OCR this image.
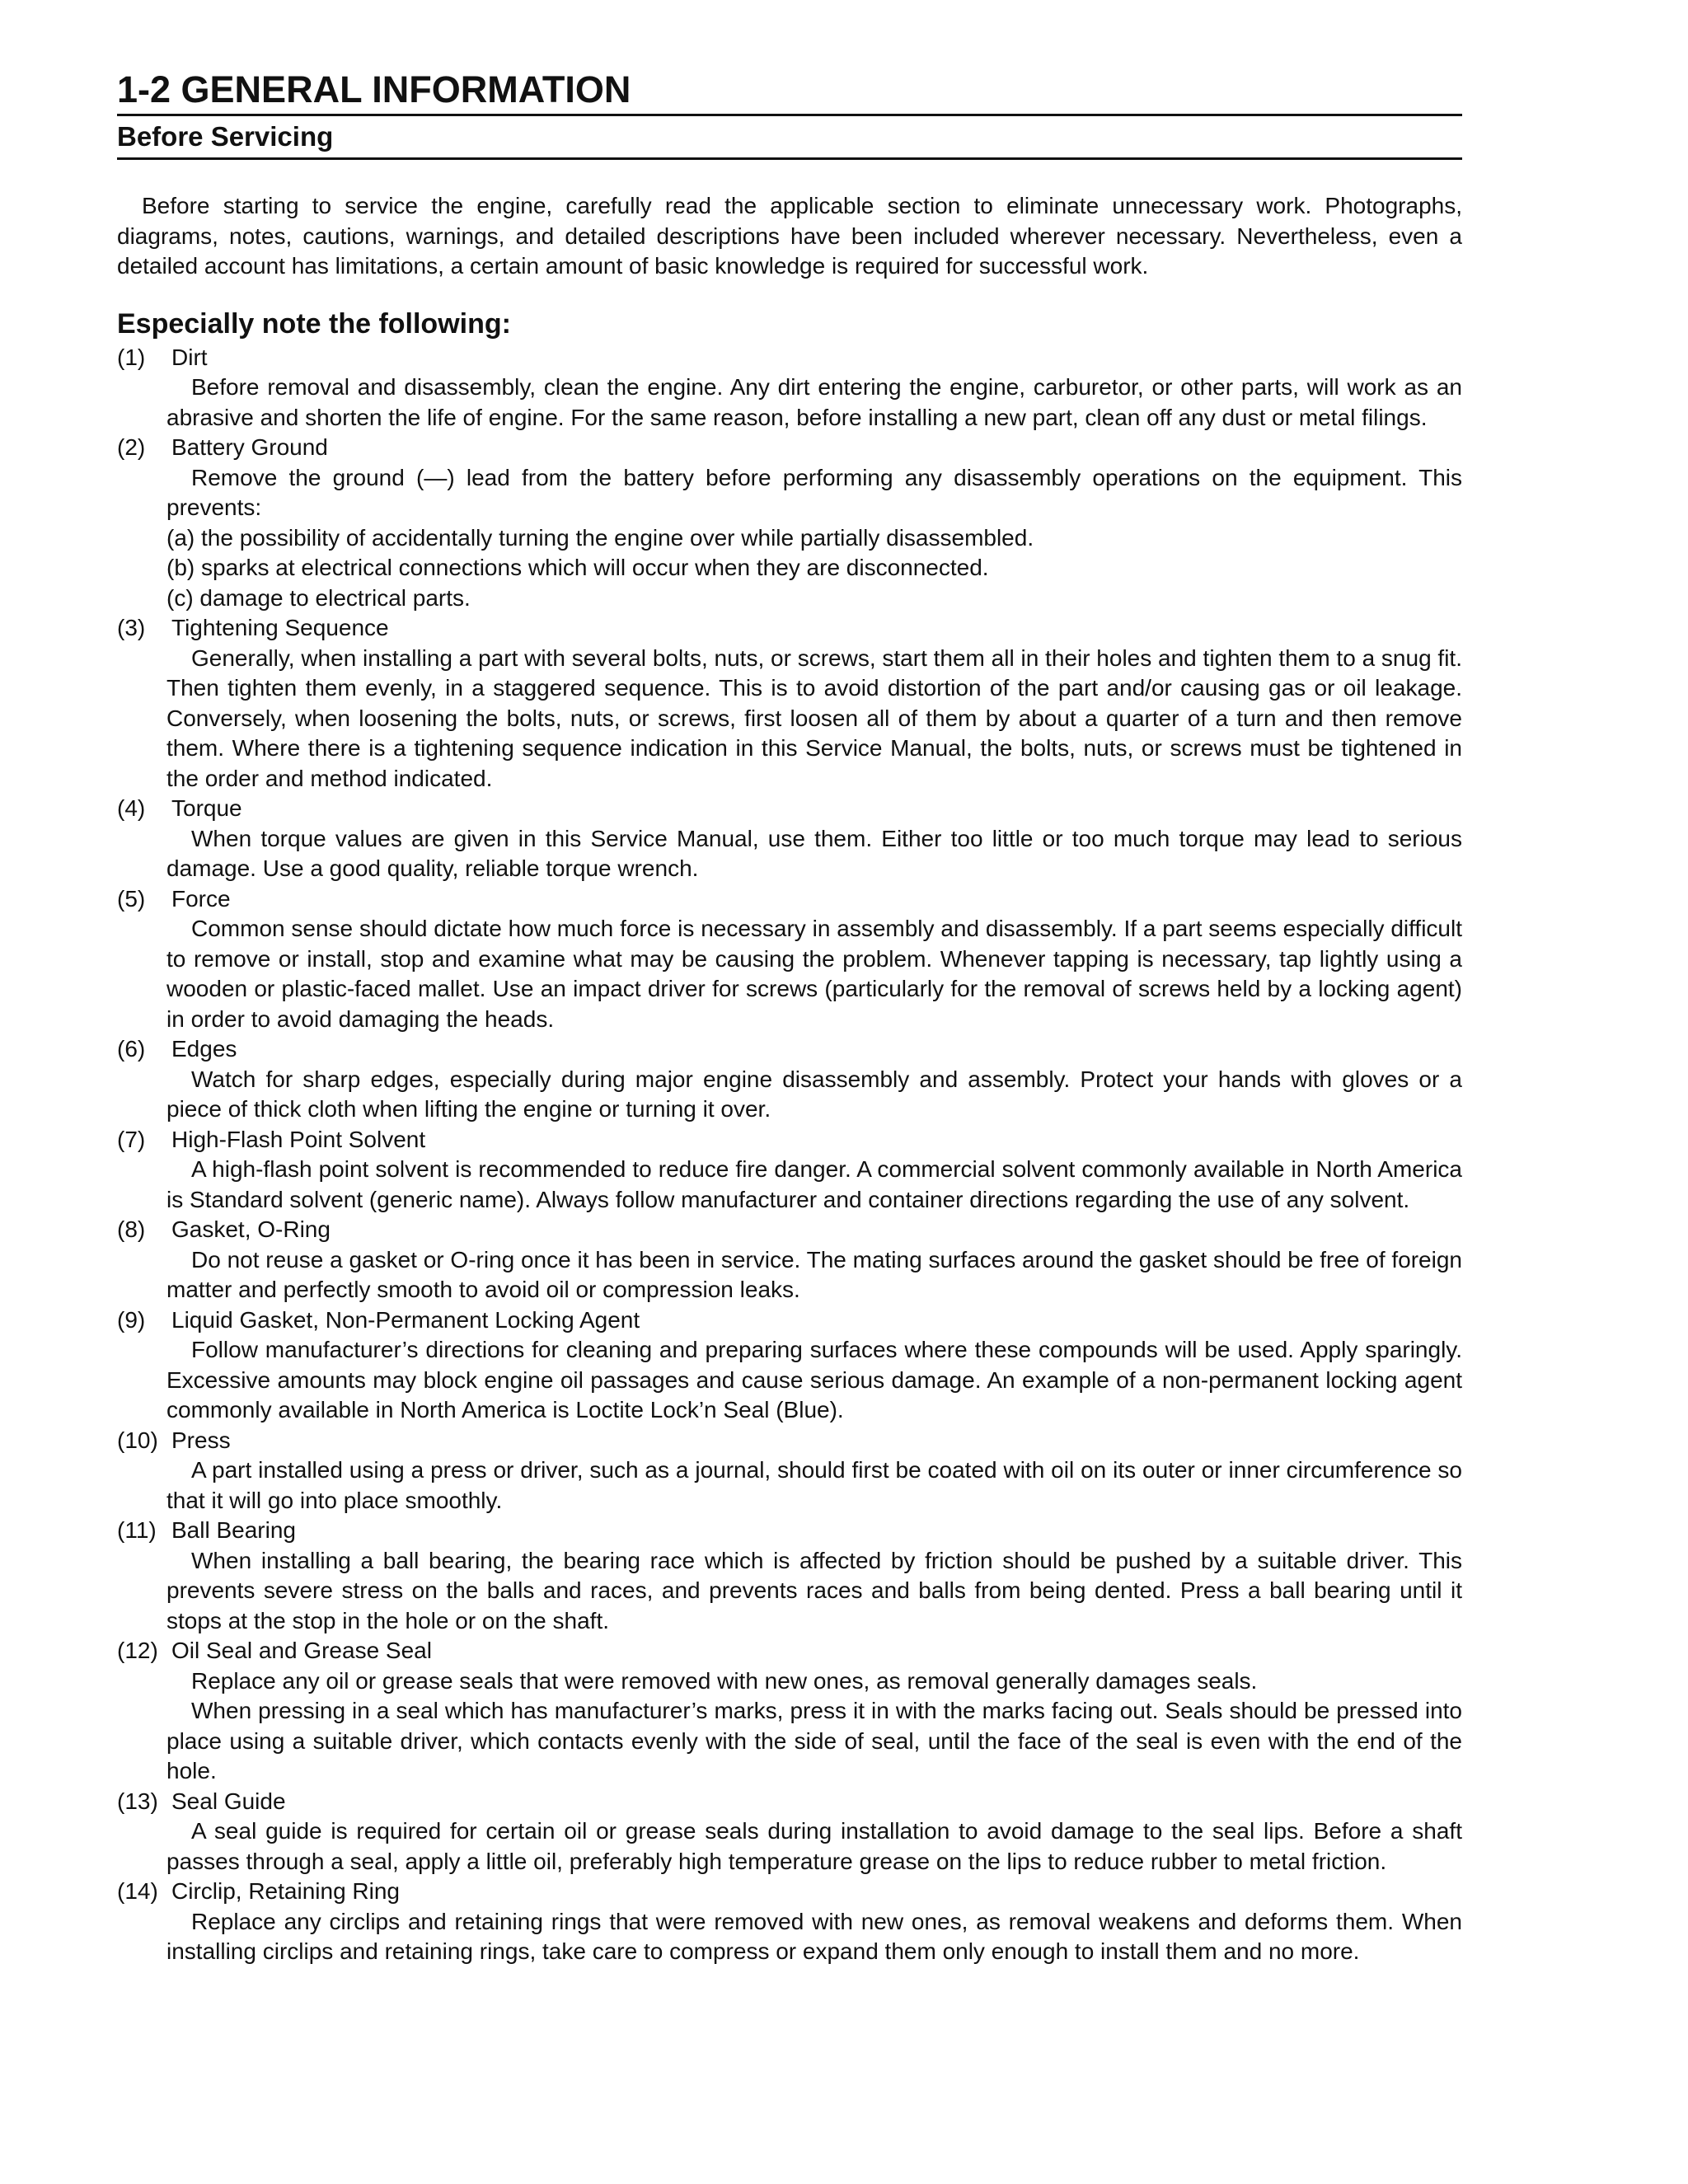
1-2 GENERAL INFORMATION
Before Servicing

Before starting to service the engine, carefully read the applicable section to eliminate unnecessary work. Photographs, diagrams, notes, cautions, warnings, and detailed descriptions have been included wherever necessary. Nevertheless, even a detailed account has limitations, a certain amount of basic knowledge is required for successful work.

Especially note the following:
(1)	Dirt
Before removal and disassembly, clean the engine. Any dirt entering the engine, carburetor, or other parts, will work as an abrasive and shorten the life of engine. For the same reason, before installing a new part, clean off any dust or metal filings.
(2)	Battery Ground
Remove the ground (—) lead from the battery before performing any disassembly operations on the equipment. This prevents:
(a) the possibility of accidentally turning the engine over while partially disassembled.
(b) sparks at electrical connections which will occur when they are disconnected.
(c) damage to electrical parts.
(3)	Tightening Sequence
Generally, when installing a part with several bolts, nuts, or screws, start them all in their holes and tighten them to a snug fit. Then tighten them evenly, in a staggered sequence. This is to avoid distortion of the part and/or causing gas or oil leakage. Conversely, when loosening the bolts, nuts, or screws, first loosen all of them by about a quarter of a turn and then remove them. Where there is a tightening sequence indication in this Service Manual, the bolts, nuts, or screws must be tightened in the order and method indicated.
(4)	Torque
When torque values are given in this Service Manual, use them. Either too little or too much torque may lead to serious damage. Use a good quality, reliable torque wrench.
(5)	Force
Common sense should dictate how much force is necessary in assembly and disassembly. If a part seems especially difficult to remove or install, stop and examine what may be causing the problem. Whenever tapping is necessary, tap lightly using a wooden or plastic-faced mallet. Use an impact driver for screws (particularly for the removal of screws held by a locking agent) in order to avoid damaging the heads.
(6)	Edges
Watch for sharp edges, especially during major engine disassembly and assembly. Protect your hands with gloves or a piece of thick cloth when lifting the engine or turning it over.
(7)	High-Flash Point Solvent
A high-flash point solvent is recommended to reduce fire danger. A commercial solvent commonly available in North America is Standard solvent (generic name). Always follow manufacturer and container directions regarding the use of any solvent.
(8)	Gasket, O-Ring
Do not reuse a gasket or O-ring once it has been in service. The mating surfaces around the gasket should be free of foreign matter and perfectly smooth to avoid oil or compression leaks.
(9)	Liquid Gasket, Non-Permanent Locking Agent
Follow manufacturer’s directions for cleaning and preparing surfaces where these compounds will be used. Apply sparingly. Excessive amounts may block engine oil passages and cause serious damage. An example of a non-permanent locking agent commonly available in North America is Loctite Lock’n Seal (Blue).
(10) Press
A part installed using a press or driver, such as a journal, should first be coated with oil on its outer or inner circumference so that it will go into place smoothly.
(11) Ball Bearing
When installing a ball bearing, the bearing race which is affected by friction should be pushed by a suitable driver. This prevents severe stress on the balls and races, and prevents races and balls from being dented. Press a ball bearing until it stops at the stop in the hole or on the shaft.
(12) Oil Seal and Grease Seal
Replace any oil or grease seals that were removed with new ones, as removal generally damages seals.
When pressing in a seal which has manufacturer’s marks, press it in with the marks facing out. Seals should be pressed into place using a suitable driver, which contacts evenly with the side of seal, until the face of the seal is even with the end of the hole.
(13) Seal Guide
A seal guide is required for certain oil or grease seals during installation to avoid damage to the seal lips. Before a shaft passes through a seal, apply a little oil, preferably high temperature grease on the lips to reduce rubber to metal friction.
(14) Circlip, Retaining Ring
Replace any circlips and retaining rings that were removed with new ones, as removal weakens and deforms them. When installing circlips and retaining rings, take care to compress or expand them only enough to install them and no more.
